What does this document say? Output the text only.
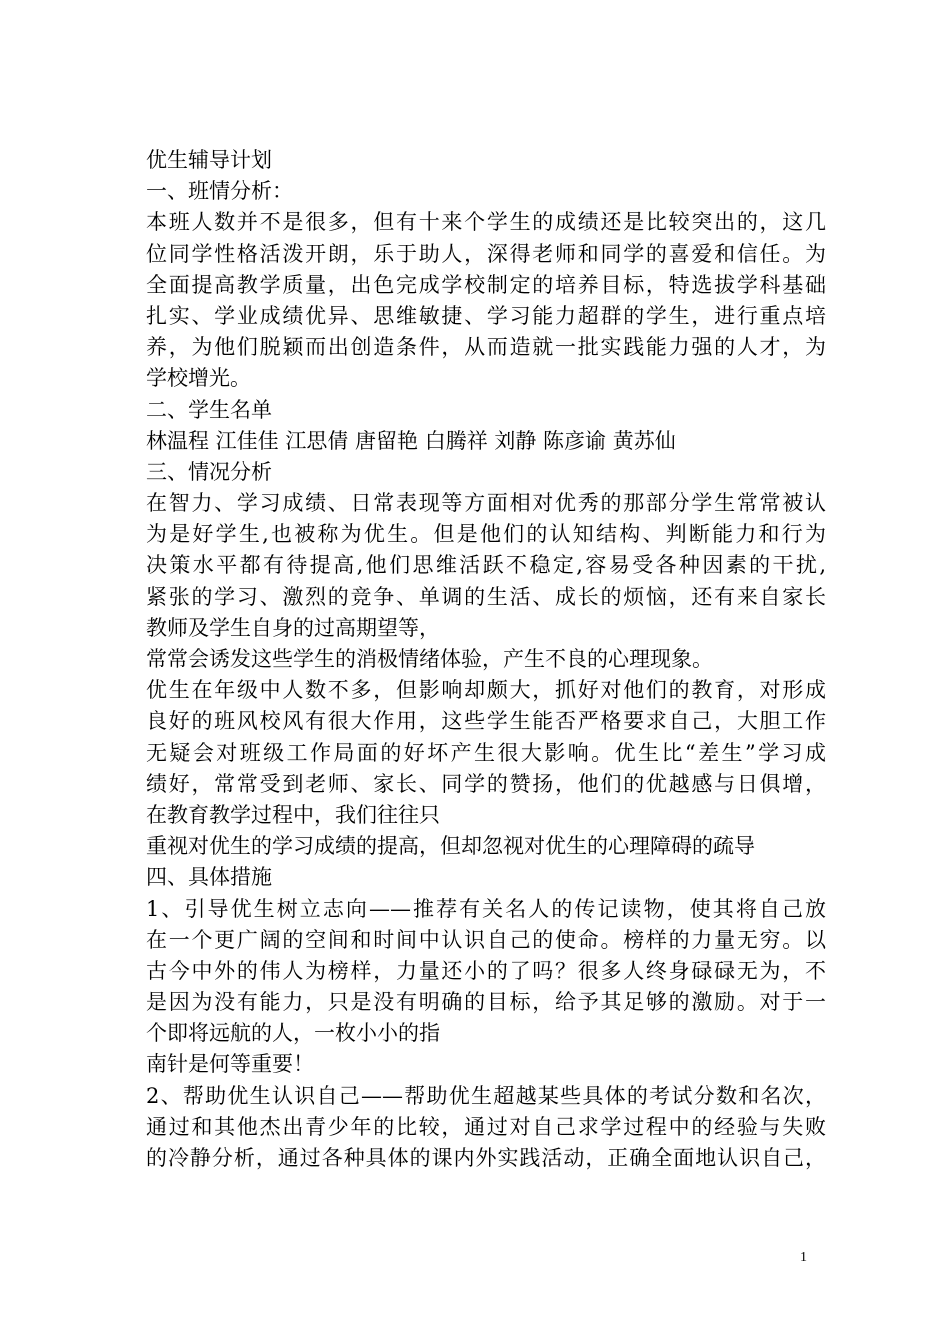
优生辅导计划
一、班情分析：
本班人数并不是很多，但有十来个学生的成绩还是比较突出的，这几
位同学性格活泼开朗，乐于助人，深得老师和同学的喜爱和信任。为
全面提高教学质量，出色完成学校制定的培养目标，特选拔学科基础
扎实、学业成绩优异、思维敏捷、学习能力超群的学生，进行重点培
养，为他们脱颖而出创造条件，从而造就一批实践能力强的人才，为
学校增光。
二、学生名单
林温程 江佳佳 江思倩 唐留艳 白腾祥 刘静 陈彦谕 黄苏仙
三、情况分析
在智力、学习成绩、日常表现等方面相对优秀的那部分学生常常被认
为是好学生,也被称为优生。但是他们的认知结构、判断能力和行为
决策水平都有待提高,他们思维活跃不稳定,容易受各种因素的干扰,
紧张的学习、激烈的竞争、单调的生活、成长的烦恼，还有来自家长
教师及学生自身的过高期望等，
常常会诱发这些学生的消极情绪体验，产生不良的心理现象。
优生在年级中人数不多，但影响却颇大，抓好对他们的教育，对形成
良好的班风校风有很大作用，这些学生能否严格要求自己，大胆工作
无疑会对班级工作局面的好坏产生很大影响。优生比“差生”学习成
绩好，常常受到老师、家长、同学的赞扬，他们的优越感与日俱增，
在教育教学过程中，我们往往只
重视对优生的学习成绩的提高，但却忽视对优生的心理障碍的疏导
四、具体措施
1、引导优生树立志向——推荐有关名人的传记读物，使其将自己放
在一个更广阔的空间和时间中认识自己的使命。榜样的力量无穷。以
古今中外的伟人为榜样，力量还小的了吗？很多人终身碌碌无为，不
是因为没有能力，只是没有明确的目标，给予其足够的激励。对于一
个即将远航的人，一枚小小的指
南针是何等重要！
2、帮助优生认识自己——帮助优生超越某些具体的考试分数和名次，
通过和其他杰出青少年的比较，通过对自己求学过程中的经验与失败
的冷静分析，通过各种具体的课内外实践活动，正确全面地认识自己，
1
